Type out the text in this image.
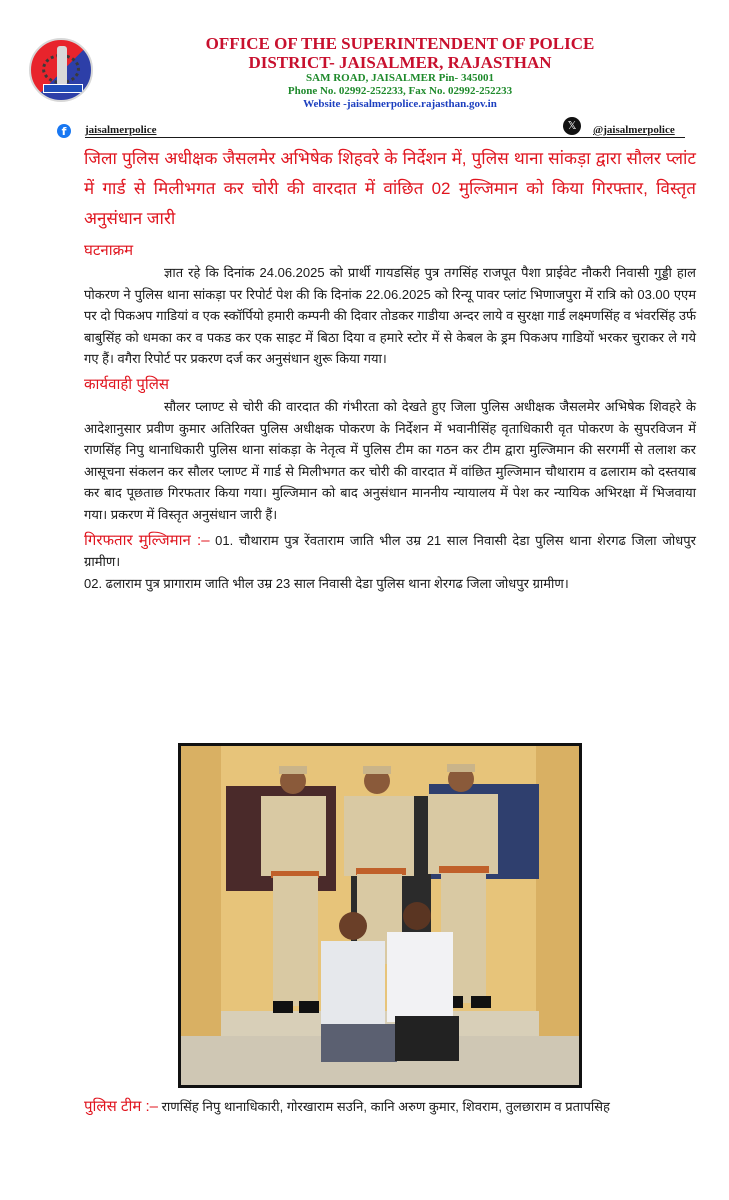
OFFICE OF THE SUPERINTENDENT OF POLICE
DISTRICT- JAISALMER, RAJASTHAN
SAM ROAD, JAISALMER Pin- 345001
Phone No. 02992-252233, Fax No. 02992-252233
Website -jaisalmerpolice.rajasthan.gov.in
f	jaisalmerpolice	𝕏	@jaisalmerpolice

जिला पुलिस अधीक्षक जैसलमेर अभिषेक शिहवरे के निर्देशन में, पुलिस थाना सांकड़ा द्वारा सौलर प्लांट में गार्ड से मिलीभगत कर चोरी की वारदात में वांछित 02 मुल्जिमान को किया गिरफ्तार, विस्तृत अनुसंधान जारी

घटनाक्रम

ज्ञात रहे कि दिनांक 24.06.2025 को प्रार्थी गायडसिंह पुत्र तगसिंह राजपूत पैशा प्राईवेट नौकरी निवासी गुड्डी हाल पोकरण ने पुलिस थाना सांकड़ा पर रिपोर्ट पेश की कि दिनांक 22.06.2025 को रिन्यू पावर प्लांट भिणाजपुरा में रात्रि को 03.00 एएम पर दो पिकअप गाडियां व एक स्कॉर्पियो हमारी कम्पनी की दिवार तोडकर गाडीया अन्दर लाये व सुरक्षा गार्ड लक्ष्मणसिंह व भंवरसिंह उर्फ बाबुसिंह को धमका कर व पकड कर एक साइट में बिठा दिया व हमारे स्टोर में से केबल के ड्रम पिकअप गाडियों भरकर चुराकर ले गये गए हैं। वगैरा रिपोर्ट पर प्रकरण दर्ज कर अनुसंधान शुरू किया गया।

कार्यवाही पुलिस

सौलर प्लाण्ट से चोरी की वारदात की गंभीरता को देखते हुए जिला पुलिस अधीक्षक जैसलमेर अभिषेक शिवहरे के आदेशानुसार प्रवीण कुमार अतिरिक्त पुलिस अधीक्षक पोकरण के निर्देशन में भवानीसिंह वृताधिकारी वृत पोकरण के सुपरविजन में राणसिंह निपु थानाधिकारी पुलिस थाना सांकड़ा के नेतृत्व में पुलिस टीम का गठन कर टीम द्वारा मुल्जिमान की सरगर्मी से तलाश कर आसूचना संकलन कर सौलर प्लाण्ट में गार्ड से मिलीभगत कर चोरी की वारदात में वांछित मुल्जिमान चौथाराम व ढलाराम को दस्तयाब कर बाद पूछताछ गिरफतार किया गया। मुल्जिमान को बाद अनुसंधान माननीय न्यायालय में पेश कर न्यायिक अभिरक्षा में भिजवाया गया। प्रकरण में विस्तृत अनुसंधान जारी हैं।

गिरफतार मुल्जिमान :– 01. चौथाराम पुत्र रेंवताराम जाति भील उम्र 21 साल निवासी देडा पुलिस थाना शेरगढ जिला जोधपुर ग्रामीण।

02. ढलाराम पुत्र प्रागाराम जाति भील उम्र 23 साल निवासी देडा पुलिस थाना शेरगढ जिला जोधपुर ग्रामीण।

पुलिस टीम :– राणसिंह निपु थानाधिकारी, गोरखाराम सउनि, कानि अरुण कुमार, शिवराम, तुलछाराम व प्रतापसिह
